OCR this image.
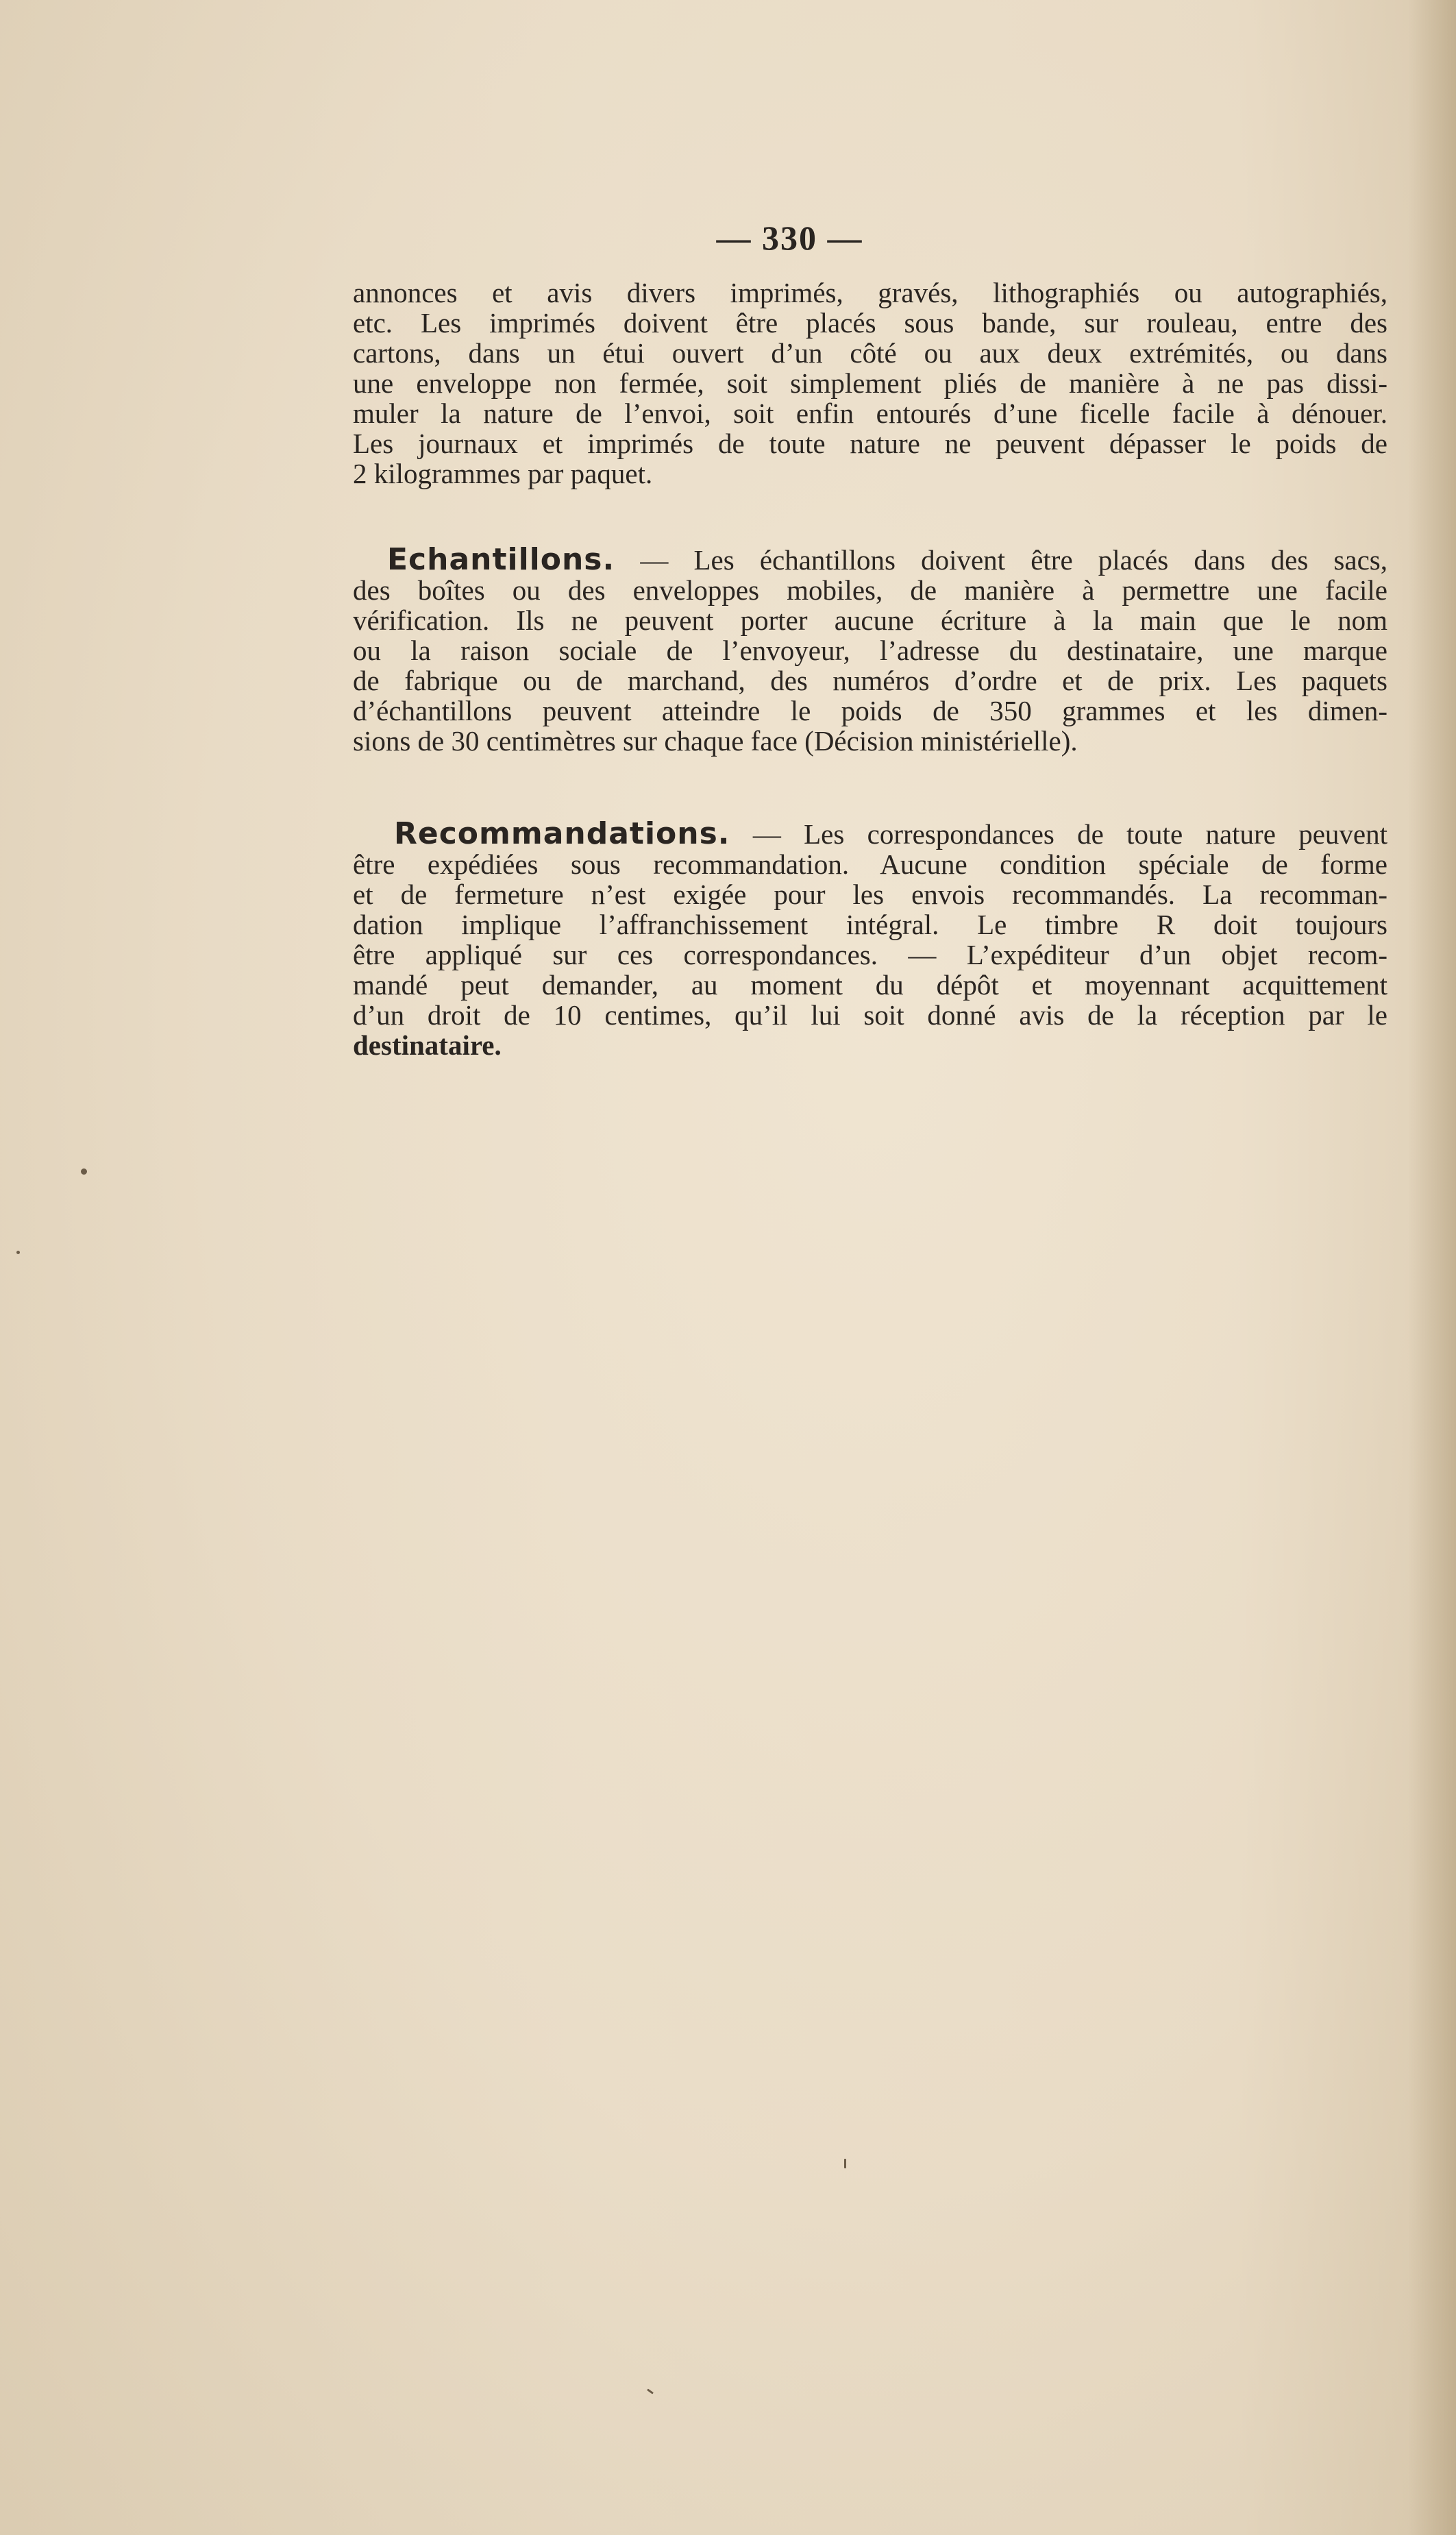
— 330 —
annonces et avis divers imprimés, gravés, lithographiés ou autographiés,
etc. Les imprimés doivent être placés sous bande, sur rouleau, entre des
cartons, dans un étui ouvert d’un côté ou aux deux extrémités, ou dans
une enveloppe non fermée, soit simplement pliés de manière à ne pas dissi-
muler la nature de l’envoi, soit enfin entourés d’une ficelle facile à dénouer.
Les journaux et imprimés de toute nature ne peuvent dépasser le poids de
2 kilogrammes par paquet.
Echantillons. — Les échantillons doivent être placés dans des sacs,
des boîtes ou des enveloppes mobiles, de manière à permettre une facile
vérification. Ils ne peuvent porter aucune écriture à la main que le nom
ou la raison sociale de l’envoyeur, l’adresse du destinataire, une marque
de fabrique ou de marchand, des numéros d’ordre et de prix. Les paquets
d’échantillons peuvent atteindre le poids de 350 grammes et les dimen-
sions de 30 centimètres sur chaque face (Décision ministérielle).
Recommandations. — Les correspondances de toute nature peuvent
être expédiées sous recommandation. Aucune condition spéciale de forme
et de fermeture n’est exigée pour les envois recommandés. La recomman-
dation implique l’affranchissement intégral. Le timbre R doit toujours
être appliqué sur ces correspondances. — L’expéditeur d’un objet recom-
mandé peut demander, au moment du dépôt et moyennant acquittement
d’un droit de 10 centimes, qu’il lui soit donné avis de la réception par le
destinataire.
